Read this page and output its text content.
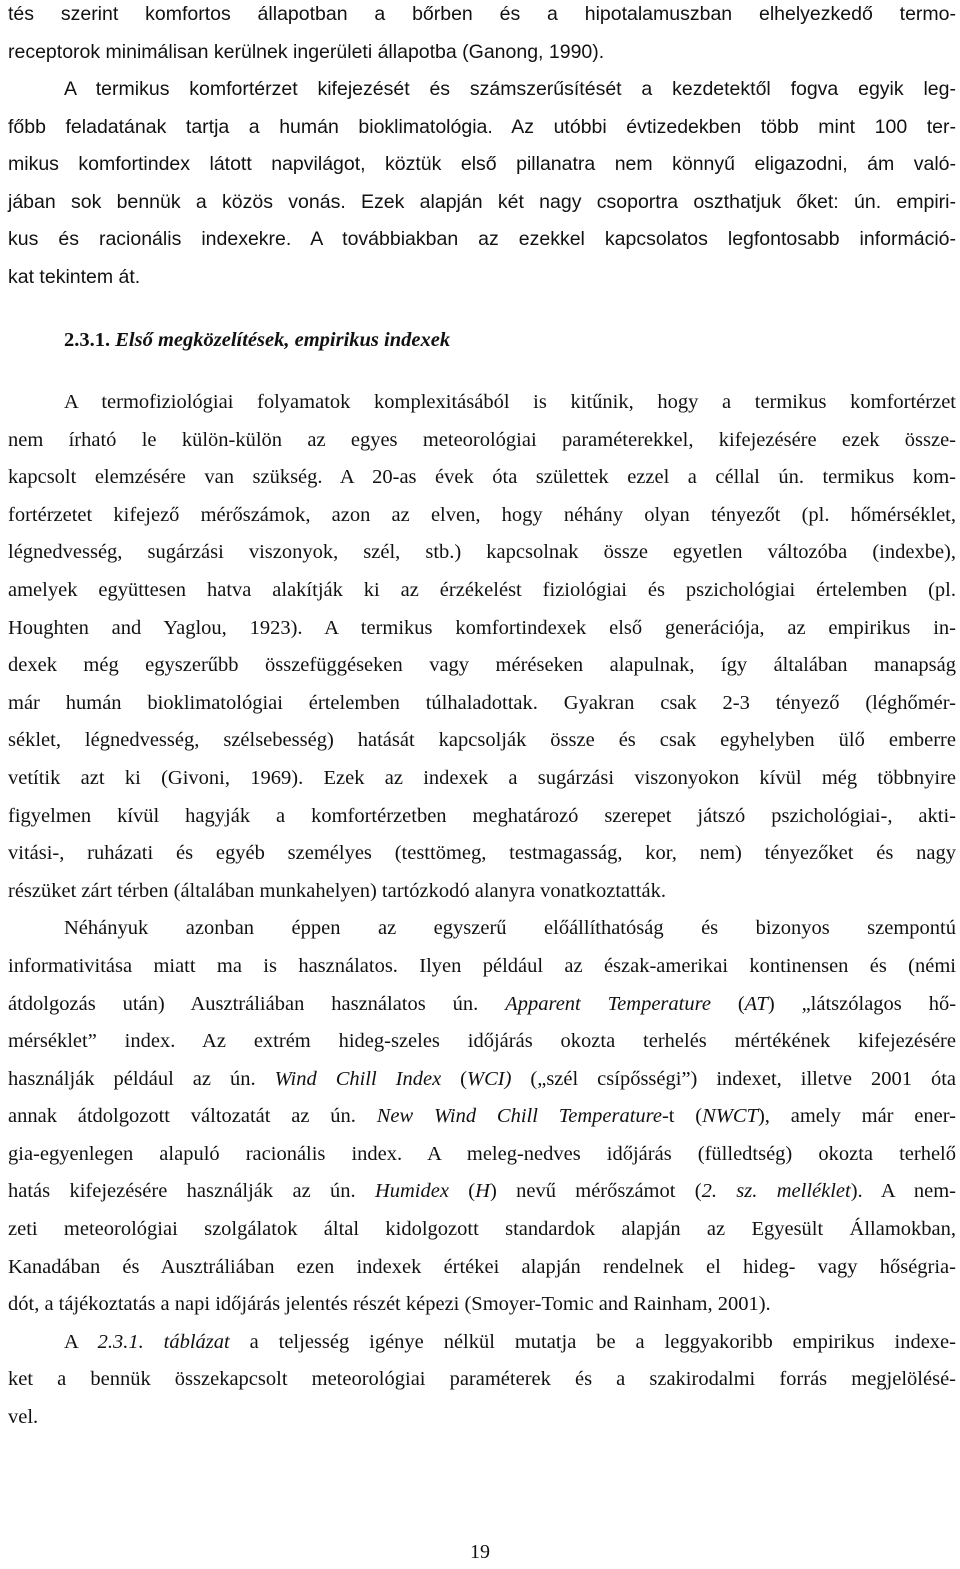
tés szerint komfortos állapotban a bőrben és a hipotalamuszban elhelyezkedő termo-

receptorok minimálisan kerülnek ingerületi állapotba (Ganong, 1990).

A termikus komfortérzet kifejezését és számszerűsítését a kezdetektől fogva egyik leg-

főbb feladatának tartja a humán bioklimatológia. Az utóbbi évtizedekben több mint 100 ter-

mikus komfortindex látott napvilágot, köztük első pillanatra nem könnyű eligazodni, ám való-

jában sok bennük a közös vonás. Ezek alapján két nagy csoportra oszthatjuk őket: ún. empiri-

kus és racionális indexekre. A továbbiakban az ezekkel kapcsolatos legfontosabb információ-

kat tekintem át.

2.3.1. Első megközelítések, empirikus indexek

A termofiziológiai folyamatok komplexitásából is kitűnik, hogy a termikus komfortérzet

nem írható le külön-külön az egyes meteorológiai paraméterekkel, kifejezésére ezek össze-

kapcsolt elemzésére van szükség. A 20-as évek óta születtek ezzel a céllal ún. termikus kom-

fortérzetet kifejező mérőszámok, azon az elven, hogy néhány olyan tényezőt (pl. hőmérséklet,

légnedvesség, sugárzási viszonyok, szél, stb.) kapcsolnak össze egyetlen változóba (indexbe),

amelyek együttesen hatva alakítják ki az érzékelést fiziológiai és pszichológiai értelemben (pl.

Houghten and Yaglou, 1923). A termikus komfortindexek első generációja, az empirikus in-

dexek még egyszerűbb összefüggéseken vagy méréseken alapulnak, így általában manapság

már humán bioklimatológiai értelemben túlhaladottak. Gyakran csak 2-3 tényező (léghőmér-

séklet, légnedvesség, szélsebesség) hatását kapcsolják össze és csak egyhelyben ülő emberre

vetítik azt ki (Givoni, 1969). Ezek az indexek a sugárzási viszonyokon kívül még többnyire

figyelmen kívül hagyják a komfortérzetben meghatározó szerepet játszó pszichológiai-, akti-

vitási-, ruházati és egyéb személyes (testtömeg, testmagasság, kor, nem) tényezőket és nagy

részüket zárt térben (általában munkahelyen) tartózkodó alanyra vonatkoztatták.

Néhányuk azonban éppen az egyszerű előállíthatóság és bizonyos szempontú

informativitása miatt ma is használatos. Ilyen például az észak-amerikai kontinensen és (némi

átdolgozás után) Ausztráliában használatos ún. Apparent Temperature (AT) „látszólagos hő-

mérséklet” index. Az extrém hideg-szeles időjárás okozta terhelés mértékének kifejezésére

használják például az ún. Wind Chill Index (WCI) („szél csípősségi”) indexet, illetve 2001 óta

annak átdolgozott változatát az ún. New Wind Chill Temperature-t (NWCT), amely már ener-

gia-egyenlegen alapuló racionális index. A meleg-nedves időjárás (fülledtség) okozta terhelő

hatás kifejezésére használják az ún. Humidex (H) nevű mérőszámot (2. sz. melléklet). A nem-

zeti meteorológiai szolgálatok által kidolgozott standardok alapján az Egyesült Államokban,

Kanadában és Ausztráliában ezen indexek értékei alapján rendelnek el hideg- vagy hőségria-

dót, a tájékoztatás a napi időjárás jelentés részét képezi (Smoyer-Tomic and Rainham, 2001).

A 2.3.1. táblázat a teljesség igénye nélkül mutatja be a leggyakoribb empirikus indexe-

ket a bennük összekapcsolt meteorológiai paraméterek és a szakirodalmi forrás megjelölésé-

vel.

19
